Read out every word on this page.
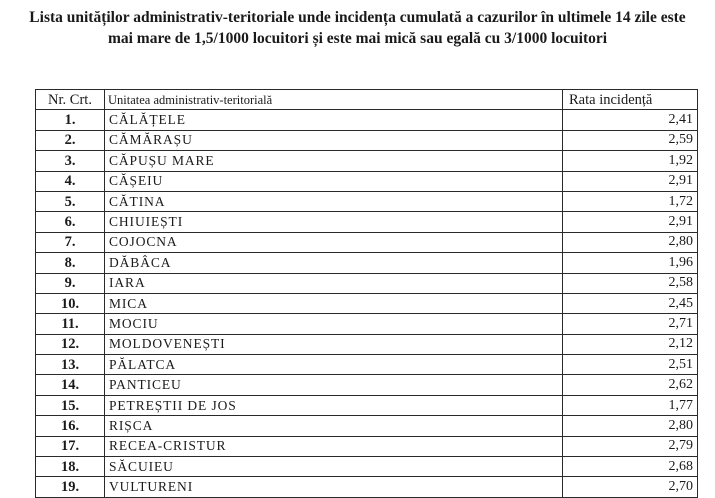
Lista unităților administrativ-teritoriale unde incidența cumulată a cazurilor în ultimele 14 zile este
mai mare de 1,5/1000 locuitori și este mai mică sau egală cu 3/1000 locuitori
Nr. Crt.	Unitatea administrativ-teritorială	Rata incidență
1.	CĂLĂȚELE	2,41
2.	CĂMĂRAȘU	2,59
3.	CĂPUȘU MARE	1,92
4.	CĂȘEIU	2,91
5.	CĂTINA	1,72
6.	CHIUIEȘTI	2,91
7.	COJOCNA	2,80
8.	DĂBÂCA	1,96
9.	IARA	2,58
10.	MICA	2,45
11.	MOCIU	2,71
12.	MOLDOVENEȘTI	2,12
13.	PĂLATCA	2,51
14.	PANTICEU	2,62
15.	PETREȘTII DE JOS	1,77
16.	RIȘCA	2,80
17.	RECEA-CRISTUR	2,79
18.	SĂCUIEU	2,68
19.	VULTURENI	2,70
